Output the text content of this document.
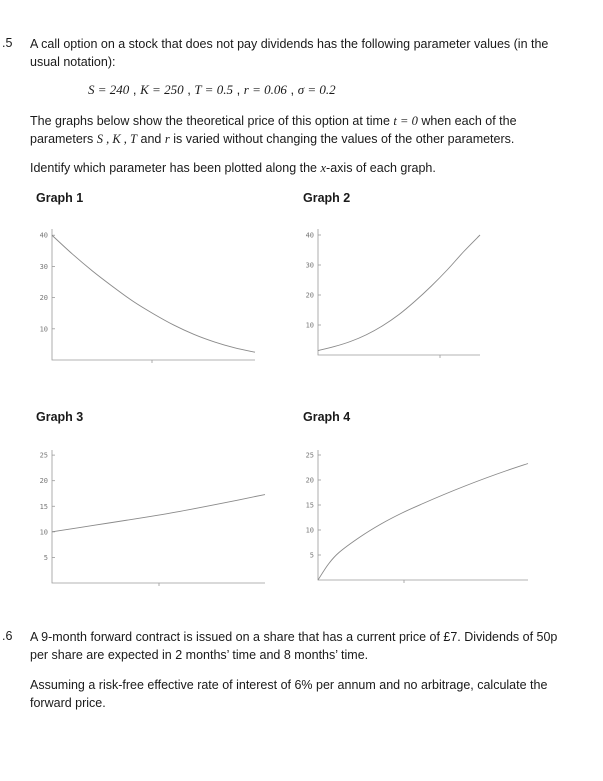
.5 A call option on a stock that does not pay dividends has the following parameter values (in the
usual notation):
S = 240 , K = 250 , T = 0.5 , r = 0.06 , σ = 0.2
The graphs below show the theoretical price of this option at time t = 0 when each of the
parameters S , K , T and r is varied without changing the values of the other parameters.
Identify which parameter has been plotted along the x-axis of each graph.
Graph 1	Graph 2
Graph 3	Graph 4
10
20
30
40
10
20
30
40
5
10
15
20
25
5
10
15
20
25
.6 A 9-month forward contract is issued on a share that has a current price of £7. Dividends of 50p
per share are expected in 2 months’ time and 8 months’ time.
Assuming a risk-free effective rate of interest of 6% per annum and no arbitrage, calculate the
forward price.
